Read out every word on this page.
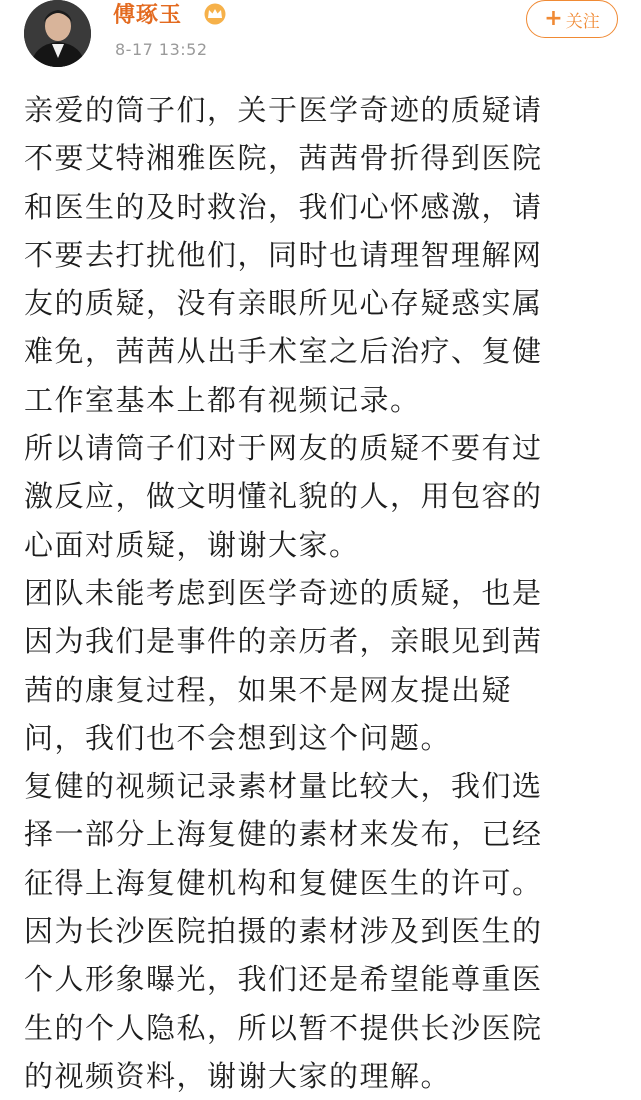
傅琢玉
8-17 13:52
+ 关注
亲爱的筒子们，关于医学奇迹的质疑请
不要艾特湘雅医院，茜茜骨折得到医院
和医生的及时救治，我们心怀感激，请
不要去打扰他们，同时也请理智理解网
友的质疑，没有亲眼所见心存疑惑实属
难免，茜茜从出手术室之后治疗、复健
工作室基本上都有视频记录。
所以请筒子们对于网友的质疑不要有过
激反应，做文明懂礼貌的人，用包容的
心面对质疑，谢谢大家。
团队未能考虑到医学奇迹的质疑，也是
因为我们是事件的亲历者，亲眼见到茜
茜的康复过程，如果不是网友提出疑
问，我们也不会想到这个问题。
复健的视频记录素材量比较大，我们选
择一部分上海复健的素材来发布，已经
征得上海复健机构和复健医生的许可。
因为长沙医院拍摄的素材涉及到医生的
个人形象曝光，我们还是希望能尊重医
生的个人隐私，所以暂不提供长沙医院
的视频资料，谢谢大家的理解。
